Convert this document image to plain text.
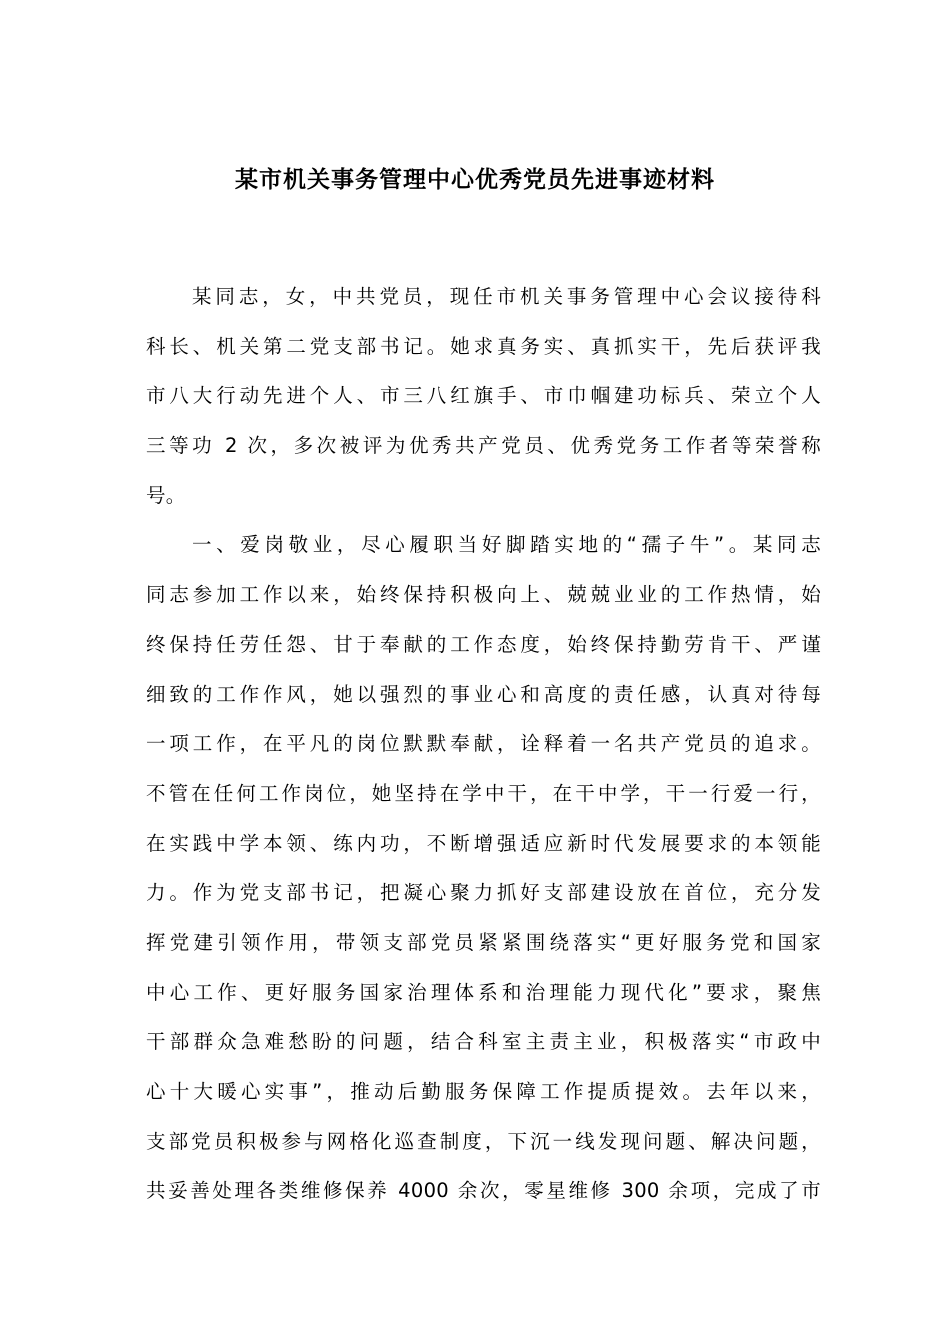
某市机关事务管理中心优秀党员先进事迹材料
某同志，女，中共党员，现任市机关事务管理中心会议接待科
科长、机关第二党支部书记。她求真务实、真抓实干，先后获评我
市八大行动先进个人、市三八红旗手、市巾帼建功标兵、荣立个人
三等功 2 次，多次被评为优秀共产党员、优秀党务工作者等荣誉称
号。
一、爱岗敬业，尽心履职当好脚踏实地的“孺子牛”。某同志
同志参加工作以来，始终保持积极向上、兢兢业业的工作热情，始
终保持任劳任怨、甘于奉献的工作态度，始终保持勤劳肯干、严谨
细致的工作作风，她以强烈的事业心和高度的责任感，认真对待每
一项工作，在平凡的岗位默默奉献，诠释着一名共产党员的追求。
不管在任何工作岗位，她坚持在学中干，在干中学，干一行爱一行，
在实践中学本领、练内功，不断增强适应新时代发展要求的本领能
力。作为党支部书记，把凝心聚力抓好支部建设放在首位，充分发
挥党建引领作用，带领支部党员紧紧围绕落实“更好服务党和国家
中心工作、更好服务国家治理体系和治理能力现代化”要求，聚焦
干部群众急难愁盼的问题，结合科室主责主业，积极落实“市政中
心十大暖心实事”，推动后勤服务保障工作提质提效。去年以来，
支部党员积极参与网格化巡查制度，下沉一线发现问题、解决问题，
共妥善处理各类维修保养 4000 余次，零星维修 300 余项，完成了市
